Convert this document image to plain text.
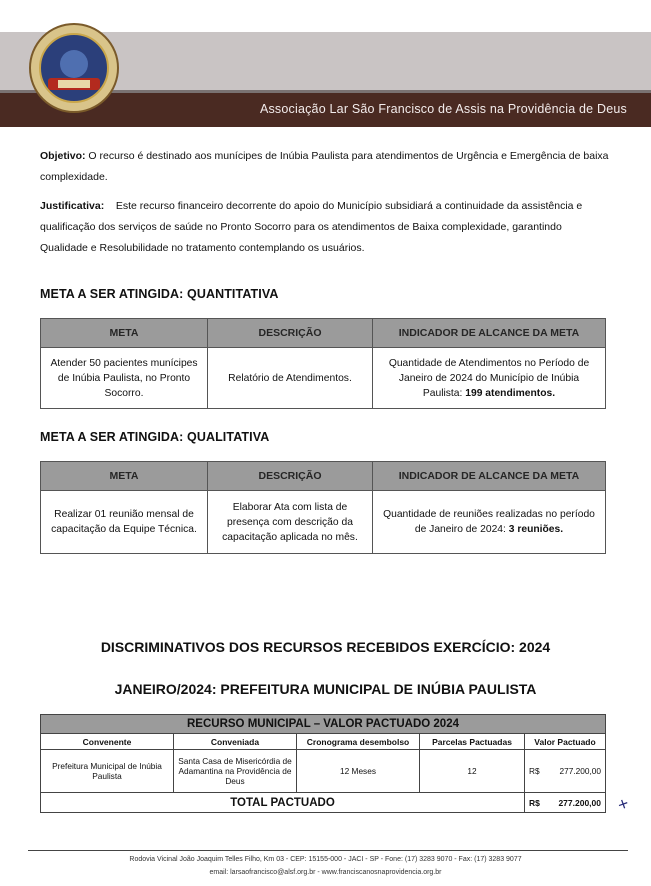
Associação Lar São Francisco de Assis na Providência de Deus
Objetivo: O recurso é destinado aos munícipes de Inúbia Paulista para atendimentos de Urgência e Emergência de baixa complexidade.
Justificativa: Este recurso financeiro decorrente do apoio do Município subsidiará a continuidade da assistência e qualificação dos serviços de saúde no Pronto Socorro para os atendimentos de Baixa complexidade, garantindo Qualidade e Resolubilidade no tratamento contemplando os usuários.
META A SER ATINGIDA: QUANTITATIVA
META	DESCRIÇÃO	INDICADOR DE ALCANCE DA META
Atender 50 pacientes munícipes de Inúbia Paulista, no Pronto Socorro.	Relatório de Atendimentos.	Quantidade de Atendimentos no Período de Janeiro de 2024 do Município de Inúbia Paulista: 199 atendimentos.
META A SER ATINGIDA: QUALITATIVA
META	DESCRIÇÃO	INDICADOR DE ALCANCE DA META
Realizar 01 reunião mensal de capacitação da Equipe Técnica.	Elaborar Ata com lista de presença com descrição da capacitação aplicada no mês.	Quantidade de reuniões realizadas no período de Janeiro de 2024: 3 reuniões.
DISCRIMINATIVOS DOS RECURSOS RECEBIDOS EXERCÍCIO: 2024
JANEIRO/2024: PREFEITURA MUNICIPAL DE INÚBIA PAULISTA
RECURSO MUNICIPAL – VALOR PACTUADO 2024				
Convenente	Conveniada	Cronograma desembolso	Parcelas Pactuadas	Valor Pactuado
Prefeitura Municipal de Inúbia Paulista	Santa Casa de Misericórdia de Adamantina na Providência de Deus	12 Meses	12	R$ 277.200,00

TOTAL PACTUADO				R$ 277.200,00 +
Rodovia Vicinal João Joaquim Telles Filho, Km 03 - CEP: 15155-000 - JACI - SP - Fone: (17) 3283 9070 - Fax: (17) 3283 9077
email: larsaofrancisco@alsf.org.br - www.franciscanosnaprovidencia.org.br
